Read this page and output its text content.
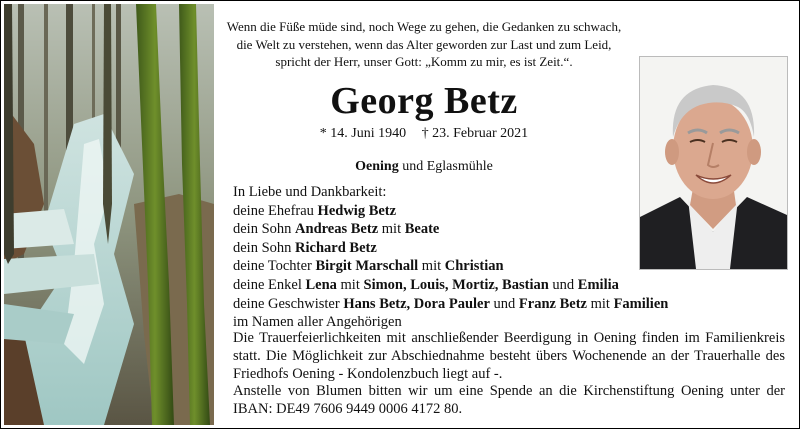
Wenn die Füße müde sind, noch Wege zu gehen, die Gedanken zu schwach,
die Welt zu verstehen, wenn das Alter geworden zur Last und zum Leid,
spricht der Herr, unser Gott: „Komm zu mir, es ist Zeit.“.
Georg Betz
* 14. Juni 1940 † 23. Februar 2021
Oening und Eglasmühle
In Liebe und Dankbarkeit:
deine Ehefrau Hedwig Betz
dein Sohn Andreas Betz mit Beate
dein Sohn Richard Betz
deine Tochter Birgit Marschall mit Christian
deine Enkel Lena mit Simon, Louis, Mortiz, Bastian und Emilia
deine Geschwister Hans Betz, Dora Pauler und Franz Betz mit Familien
im Namen aller Angehörigen

Die Trauerfeierlichkeiten mit anschließender Beerdigung in Oening finden im Familienkreis statt. Die Möglichkeit zur Abschiednahme besteht übers Wochenende an der Trauerhalle des Friedhofs Oening - Kondolenzbuch liegt auf -.

Anstelle von Blumen bitten wir um eine Spende an die Kirchenstiftung Oening unter der IBAN: DE49 7606 9449 0006 4172 80.
